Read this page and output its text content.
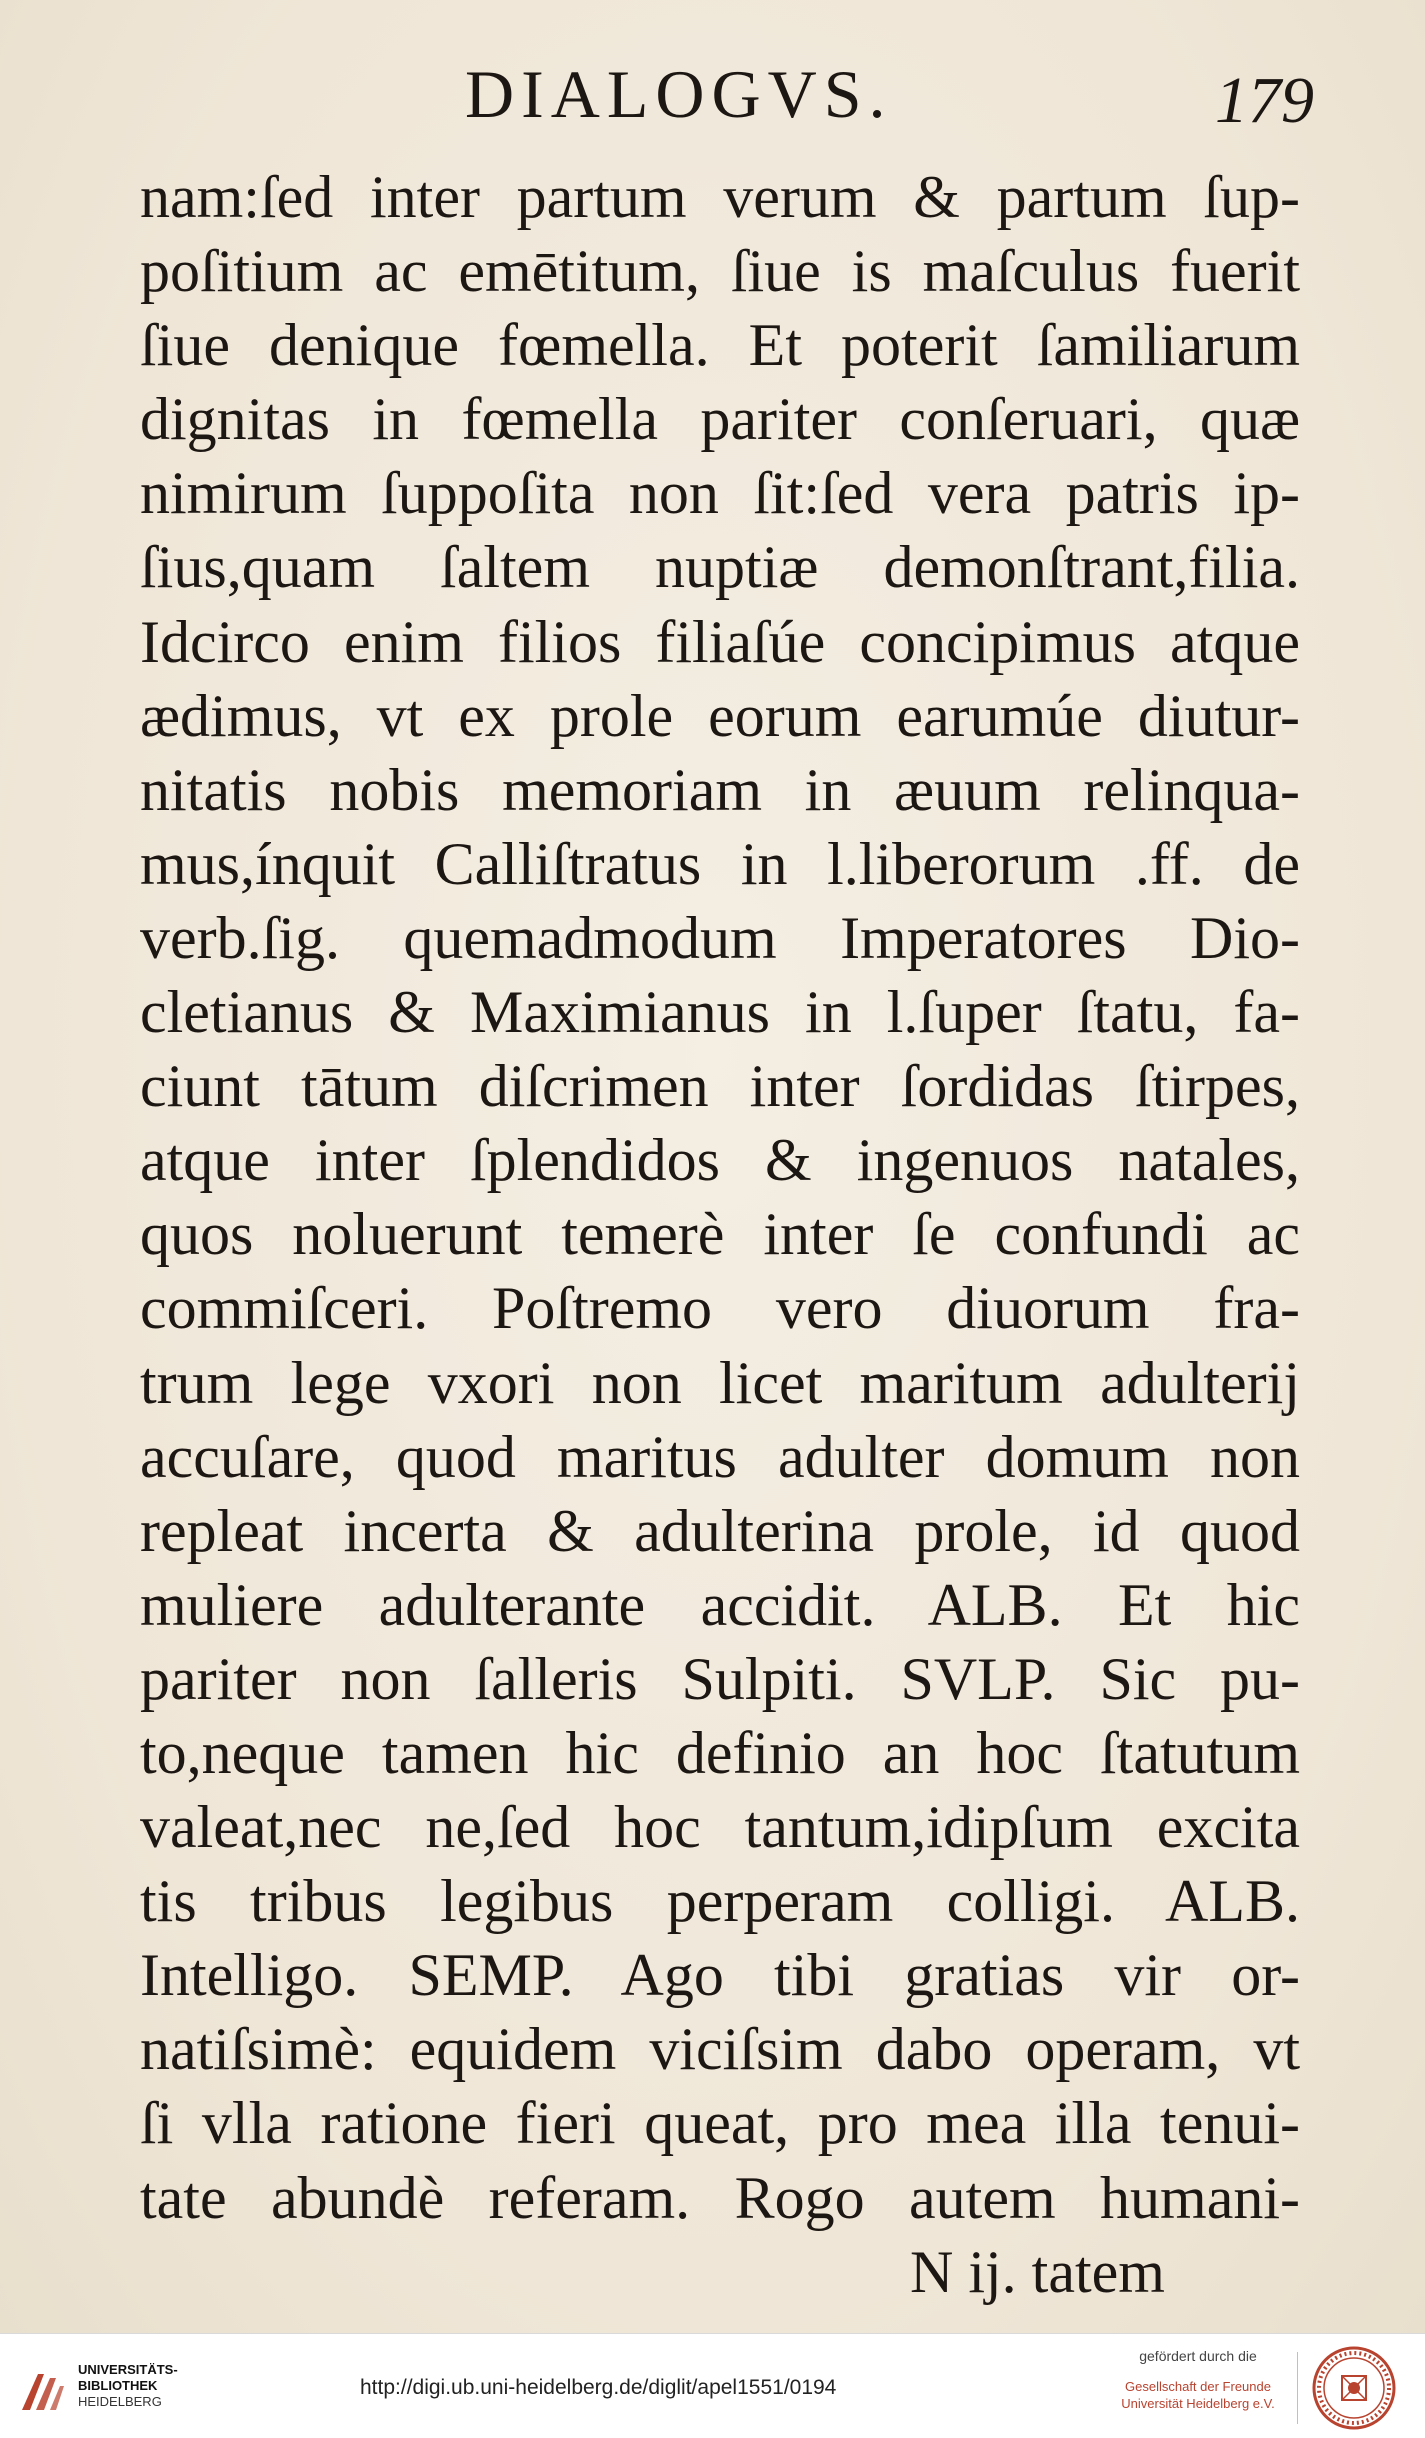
DIALOGVS.	179
nam:ſed inter partum verum & partum ſup-
poſitium ac emētitum, ſiue is maſculus fuerit
ſiue denique fœmella. Et poterit ſamiliarum
dignitas in fœmella pariter conſeruari, quæ
nimirum ſuppoſita non ſit:ſed vera patris ip-
ſius,quam ſaltem nuptiæ demonſtrant,filia.
Idcirco enim filios filiaſúe concipimus atque
ædimus, vt ex prole eorum earumúe diutur-
nitatis nobis memoriam in æuum relinqua-
mus,ínquit Calliſtratus in l.liberorum .ff. de
verb.ſig. quemadmodum Imperatores Dio-
cletianus & Maximianus in l.ſuper ſtatu, fa-
ciunt tātum diſcrimen inter ſordidas ſtirpes,
atque inter ſplendidos & ingenuos natales,
quos noluerunt temerè inter ſe confundi ac
commiſceri. Poſtremo vero diuorum fra-
trum lege vxori non licet maritum adulterij
accuſare, quod maritus adulter domum non
repleat incerta & adulterina prole, id quod
muliere adulterante accidit. ALB. Et hic
pariter non ſalleris Sulpiti. SVLP. Sic pu-
to,neque tamen hic definio an hoc ſtatutum
valeat,nec ne,ſed hoc tantum,idipſum excita
tis tribus legibus perperam colligi. ALB.
Intelligo. SEMP. Ago tibi gratias vir or-
natiſsimè: equidem viciſsim dabo operam, vt
ſi vlla ratione fieri queat, pro mea illa tenui-
tate abundè referam. Rogo autem humani-
N ij. tatem
UNIVERSITÄTS-
BIBLIOTHEK
HEIDELBERG
http://digi.ub.uni-heidelberg.de/diglit/apel1551/0194
gefördert durch die
Gesellschaft der Freunde
Universität Heidelberg e.V.
